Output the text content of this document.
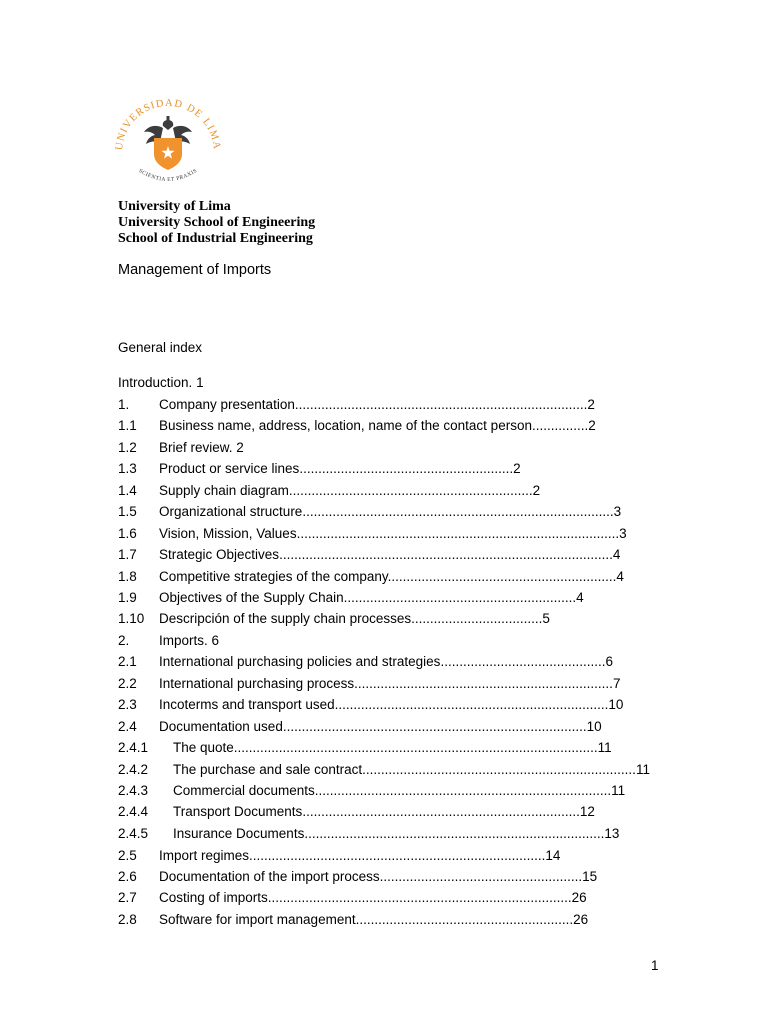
UNIVERSIDAD DE LIMA
SCIENTIA ET PRAXIS
University of Lima
University School of Engineering
School of Industrial Engineering
Management of Imports
General index
Introduction. 1
1. Company presentation..............................................................................2
1.1 Business name, address, location, name of the contact person...............2
1.2 Brief review. 2
1.3 Product or service lines.........................................................2
1.4 Supply chain diagram.................................................................2
1.5 Organizational structure...................................................................................3
1.6 Vision, Mission, Values......................................................................................3
1.7 Strategic Objectives.........................................................................................4
1.8 Competitive strategies of the company.............................................................4
1.9 Objectives of the Supply Chain..............................................................4
1.10 Descripción of the supply chain processes...................................5
2. Imports. 6
2.1 International purchasing policies and strategies............................................6
2.2 International purchasing process.....................................................................7
2.3 Incoterms and transport used.........................................................................10
2.4 Documentation used.................................................................................10
2.4.1 The quote.................................................................................................11
2.4.2 The purchase and sale contract.........................................................................11
2.4.3 Commercial documents...............................................................................11
2.4.4 Transport Documents..........................................................................12
2.4.5 Insurance Documents................................................................................13
2.5 Import regimes...............................................................................14
2.6 Documentation of the import process......................................................15
2.7 Costing of imports.................................................................................26
2.8 Software for import management..........................................................26
1
